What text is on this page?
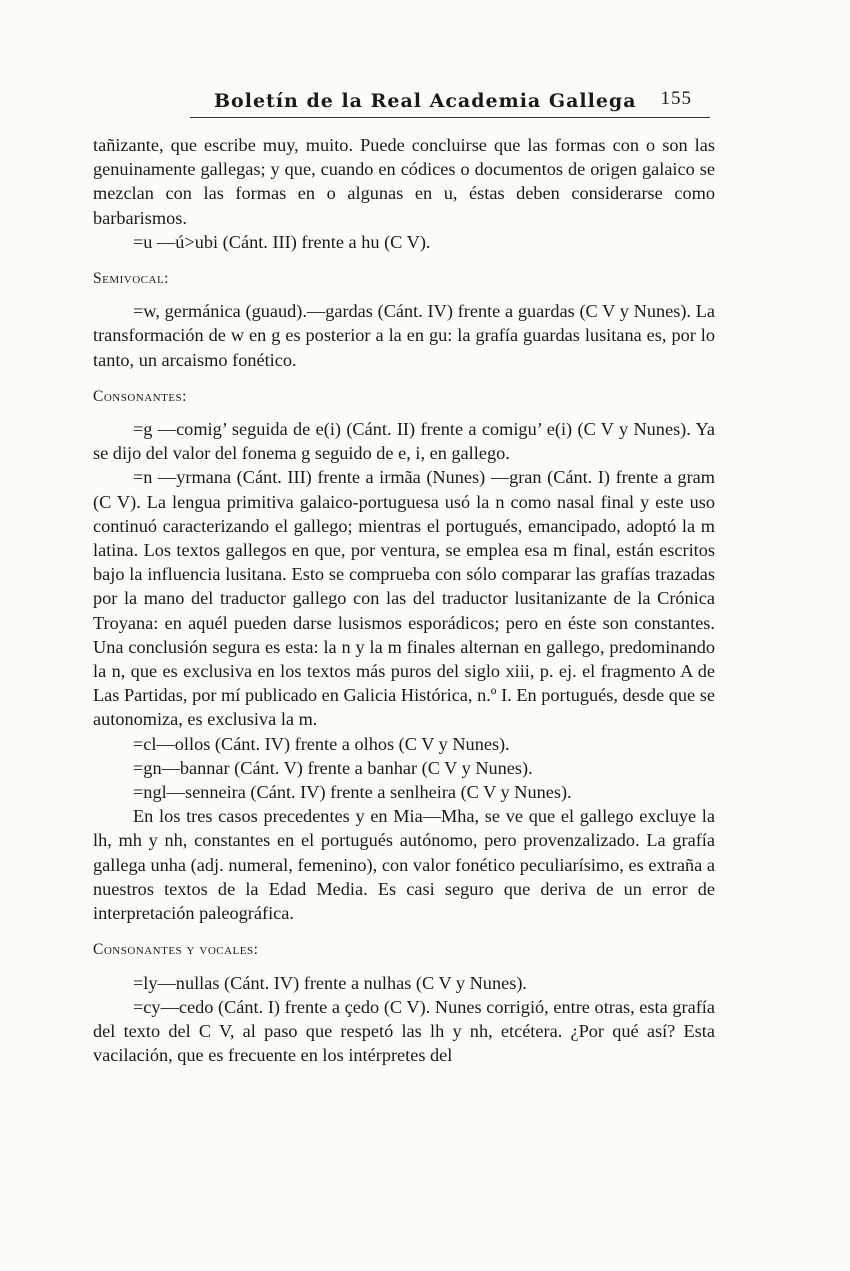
Boletín de la Real Academia Gallega 155

tañizante, que escribe muy, muito. Puede concluirse que las formas con o son las genuinamente gallegas; y que, cuando en códices o documentos de origen galaico se mezclan con las formas en o algunas en u, éstas deben considerarse como barbarismos.

=u —ú>ubi (Cánt. III) frente a hu (C V).

Semivocal:

=w, germánica (guaud).—gardas (Cánt. IV) frente a guardas (C V y Nunes). La transformación de w en g es posterior a la en gu: la grafía guardas lusitana es, por lo tanto, un arcaismo fonético.

Consonantes:

=g —comig’ seguida de e(i) (Cánt. II) frente a comigu’ e(i) (C V y Nunes). Ya se dijo del valor del fonema g seguido de e, i, en gallego.

=n —yrmana (Cánt. III) frente a irmãa (Nunes) —gran (Cánt. I) frente a gram (C V). La lengua primitiva galaico-portuguesa usó la n como nasal final y este uso continuó caracterizando el gallego; mientras el portugués, emancipado, adoptó la m latina. Los textos gallegos en que, por ventura, se emplea esa m final, están escritos bajo la influencia lusitana. Esto se comprueba con sólo comparar las grafías trazadas por la mano del traductor gallego con las del traductor lusitanizante de la Crónica Troyana: en aquél pueden darse lusismos esporádicos; pero en éste son constantes. Una conclusión segura es esta: la n y la m finales alternan en gallego, predominando la n, que es exclusiva en los textos más puros del siglo xiii, p. ej. el fragmento A de Las Partidas, por mí publicado en Galicia Histórica, n.º I. En portugués, desde que se autonomiza, es exclusiva la m.

=cl—ollos (Cánt. IV) frente a olhos (C V y Nunes).

=gn—bannar (Cánt. V) frente a banhar (C V y Nunes).

=ngl—senneira (Cánt. IV) frente a senlheira (C V y Nunes).

En los tres casos precedentes y en Mia—Mha, se ve que el gallego excluye la lh, mh y nh, constantes en el portugués autónomo, pero provenzalizado. La grafía gallega unha (adj. numeral, femenino), con valor fonético peculiarísimo, es extraña a nuestros textos de la Edad Media. Es casi seguro que deriva de un error de interpretación paleográfica.

Consonantes y vocales:

=ly—nullas (Cánt. IV) frente a nulhas (C V y Nunes).

=cy—cedo (Cánt. I) frente a çedo (C V). Nunes corrigió, entre otras, esta grafía del texto del C V, al paso que respetó las lh y nh, etcétera. ¿Por qué así? Esta vacilación, que es frecuente en los intérpretes del
